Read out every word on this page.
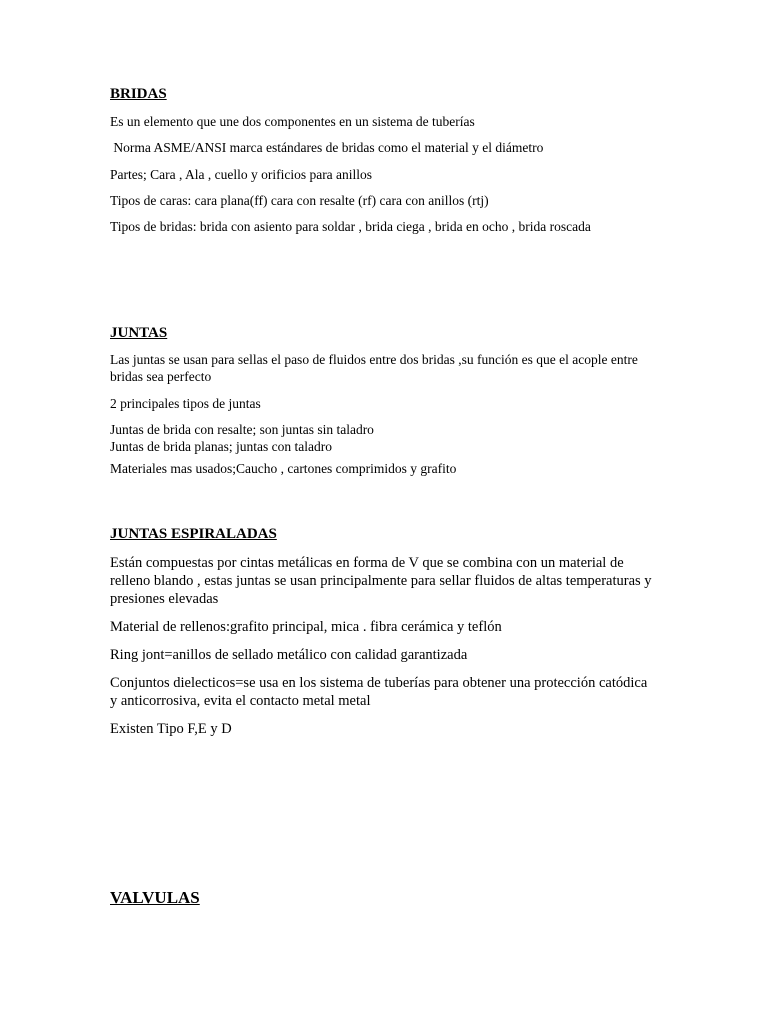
BRIDAS

Es un elemento que une dos componentes en un sistema de tuberías

Norma ASME/ANSI marca estándares de bridas como el material y el diámetro

Partes; Cara , Ala , cuello y orificios para anillos

Tipos de caras: cara plana(ff) cara con resalte (rf) cara con anillos (rtj)

Tipos de bridas: brida con asiento para soldar , brida ciega , brida en ocho , brida roscada

JUNTAS

Las juntas se usan para sellas el paso de fluidos entre dos bridas ,su función es que el acople entre bridas sea perfecto

2 principales tipos de juntas

Juntas de brida con resalte; son juntas sin taladro

Juntas de brida planas; juntas con taladro

Materiales mas usados;Caucho , cartones comprimidos y grafito

JUNTAS ESPIRALADAS

Están compuestas por cintas metálicas en forma de V que se combina con un material de relleno blando , estas juntas se usan principalmente para sellar fluidos de altas temperaturas y presiones elevadas

Material de rellenos:grafito principal, mica . fibra cerámica y teflón

Ring jont=anillos de sellado metálico con calidad garantizada

Conjuntos dielecticos=se usa en los sistema de tuberías para obtener una protección catódica y anticorrosiva, evita el contacto metal metal

Existen Tipo F,E y D

VALVULAS
